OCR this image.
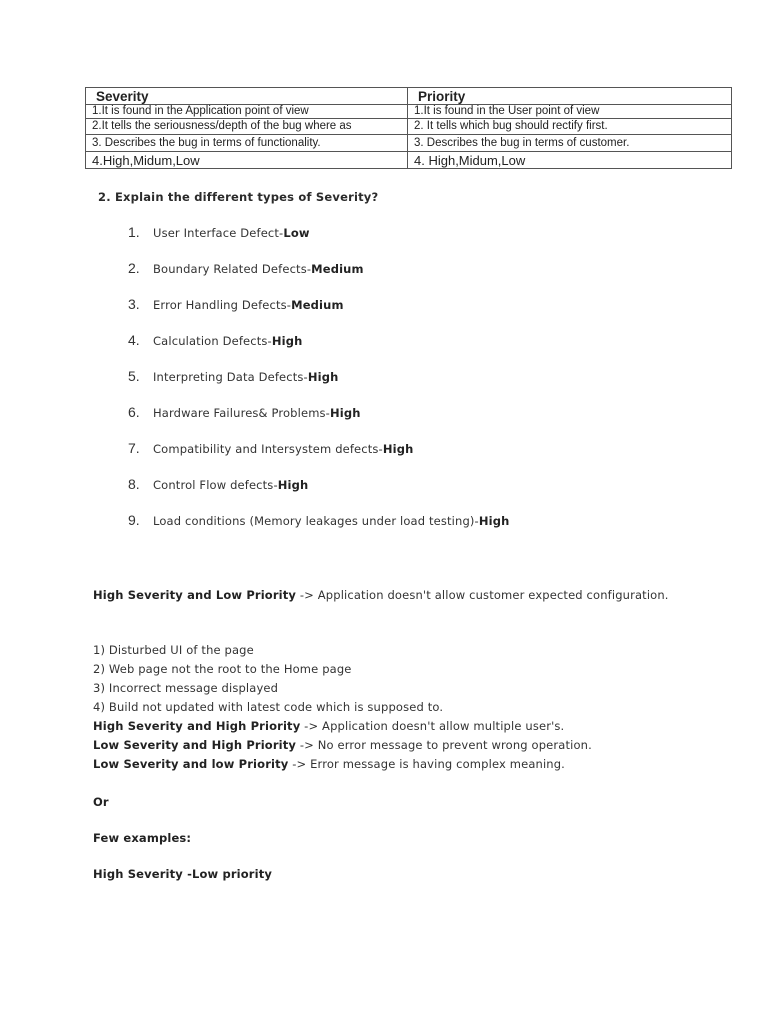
Severity	Priority
1.It is found in the Application point of view	1.It is found in the User point of view
2.It tells the seriousness/depth of the bug where as	2. It tells which bug should rectify first.
3. Describes the bug in terms of functionality.	3. Describes the bug in terms of customer.
4.High,Midum,Low	4. High,Midum,Low
2. Explain the different types of Severity?
1.	User Interface Defect-Low
2.	Boundary Related Defects-Medium
3.	Error Handling Defects-Medium
4.	Calculation Defects-High
5.	Interpreting Data Defects-High
6.	Hardware Failures& Problems-High
7.	Compatibility and Intersystem defects-High
8.	Control Flow defects-High
9.	Load conditions (Memory leakages under load testing)-High
High Severity and Low Priority -> Application doesn't allow customer expected configuration.
1) Disturbed UI of the page
2) Web page not the root to the Home page
3) Incorrect message displayed
4) Build not updated with latest code which is supposed to.
High Severity and High Priority -> Application doesn't allow multiple user's.
Low Severity and High Priority -> No error message to prevent wrong operation.
Low Severity and low Priority -> Error message is having complex meaning.
Or
Few examples:
High Severity -Low priority
